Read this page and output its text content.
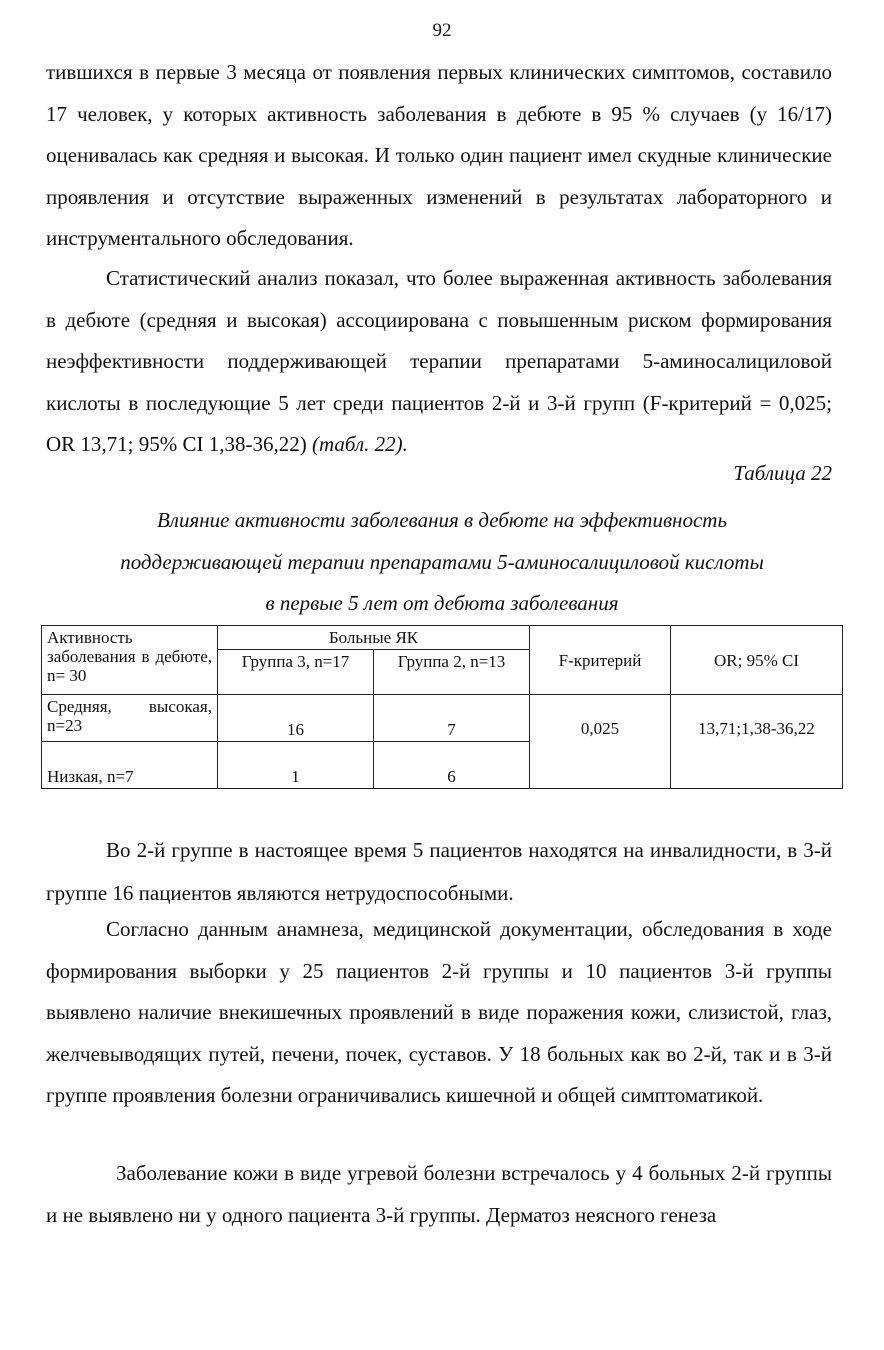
92
тившихся в первые 3 месяца от появления первых клинических симптомов, составило 17 человек, у которых активность заболевания в дебюте в 95 % случаев (у 16/17) оценивалась как средняя и высокая. И только один пациент имел скудные клинические проявления и отсутствие выраженных изменений в результатах лабораторного и инструментального обследования.
Статистический анализ показал, что более выраженная активность заболевания в дебюте (средняя и высокая) ассоциирована с повышенным риском формирования неэффективности поддерживающей терапии препаратами 5-аминосалициловой кислоты в последующие 5 лет среди пациентов 2-й и 3-й групп (F-критерий = 0,025; OR 13,71; 95% CI 1,38-36,22) (табл. 22).
Таблица 22
Влияние активности заболевания в дебюте на эффективность
поддерживающей терапии препаратами 5-аминосалициловой кислоты
в первые 5 лет от дебюта заболевания
Активность заболевания в дебюте, n= 30	Больные ЯК		F-критерий	OR; 95% CI
	Группа 3, n=17	Группа 2, n=13		
Средняя, высокая, n=23	16	7	0,025	13,71;1,38-36,22
Низкая, n=7	1	6		
Во 2-й группе в настоящее время 5 пациентов находятся на инвалидности, в 3-й группе 16 пациентов являются нетрудоспособными.
Согласно данным анамнеза, медицинской документации, обследования в ходе формирования выборки у 25 пациентов 2-й группы и 10 пациентов 3-й группы выявлено наличие внекишечных проявлений в виде поражения кожи, слизистой, глаз, желчевыводящих путей, печени, почек, суставов. У 18 больных как во 2-й, так и в 3-й группе проявления болезни ограничивались кишечной и общей симптоматикой.
Заболевание кожи в виде угревой болезни встречалось у 4 больных 2-й группы и не выявлено ни у одного пациента 3-й группы. Дерматоз неясного генеза
